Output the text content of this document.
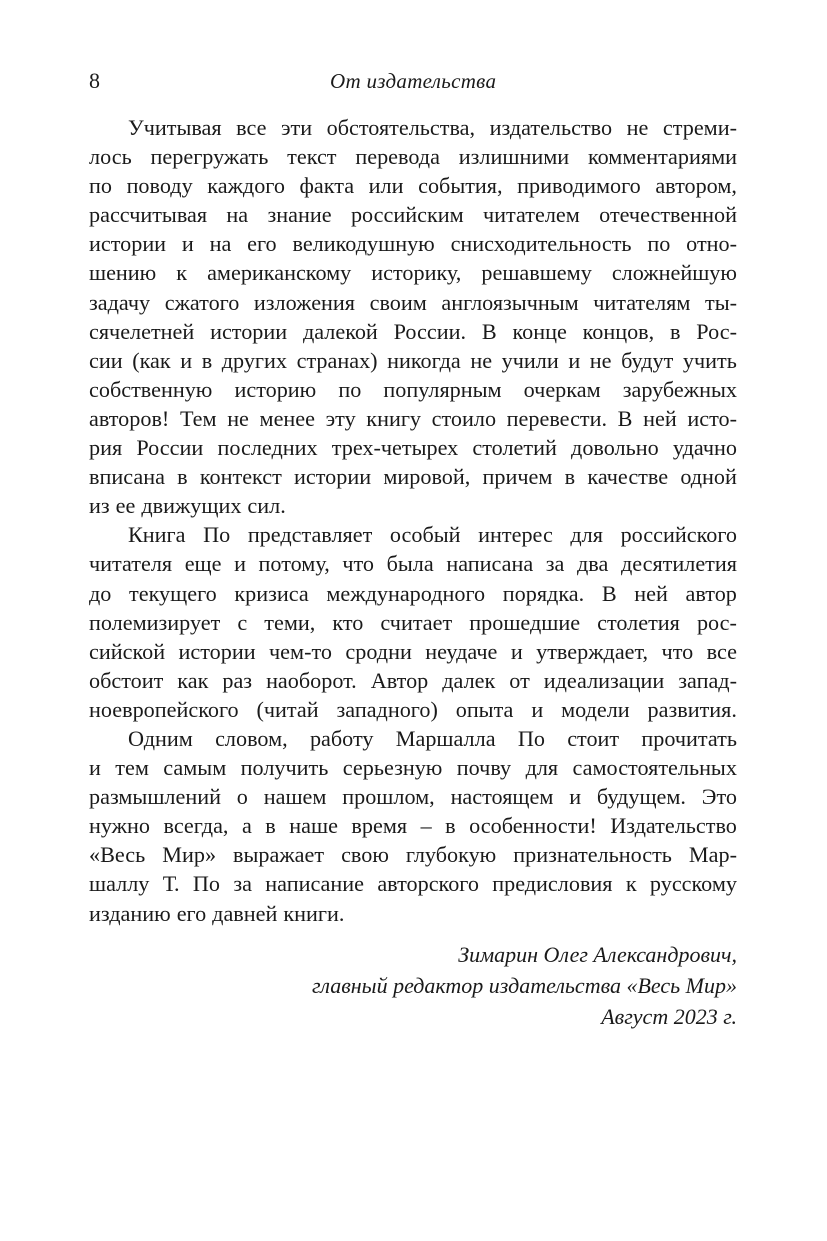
8	От издательства
Учитывая все эти обстоятельства, издательство не стреми-
лось перегружать текст перевода излишними комментариями
по поводу каждого факта или события, приводимого автором,
рассчитывая на знание российским читателем отечественной
истории и на его великодушную снисходительность по отно-
шению к американскому историку, решавшему сложнейшую
задачу сжатого изложения своим англоязычным читателям ты-
сячелетней истории далекой России. В конце концов, в Рос-
сии (как и в других странах) никогда не учили и не будут учить
собственную историю по популярным очеркам зарубежных
авторов! Тем не менее эту книгу стоило перевести. В ней исто-
рия России последних трех-четырех столетий довольно удачно
вписана в контекст истории мировой, причем в качестве одной
из ее движущих сил.
Книга По представляет особый интерес для российского
читателя еще и потому, что была написана за два десятилетия
до текущего кризиса международного порядка. В ней автор
полемизирует с теми, кто считает прошедшие столетия рос-
сийской истории чем-то сродни неудаче и утверждает, что все
обстоит как раз наоборот. Автор далек от идеализации запад-
ноевропейского (читай западного) опыта и модели развития.
Одним словом, работу Маршалла По стоит прочитать
и тем самым получить серьезную почву для самостоятельных
размышлений о нашем прошлом, настоящем и будущем. Это
нужно всегда, а в наше время – в особенности! Издательство
«Весь Мир» выражает свою глубокую признательность Мар-
шаллу Т. По за написание авторского предисловия к русскому
изданию его давней книги.
Зимарин Олег Александрович,
главный редактор издательства «Весь Мир»
Август 2023 г.
